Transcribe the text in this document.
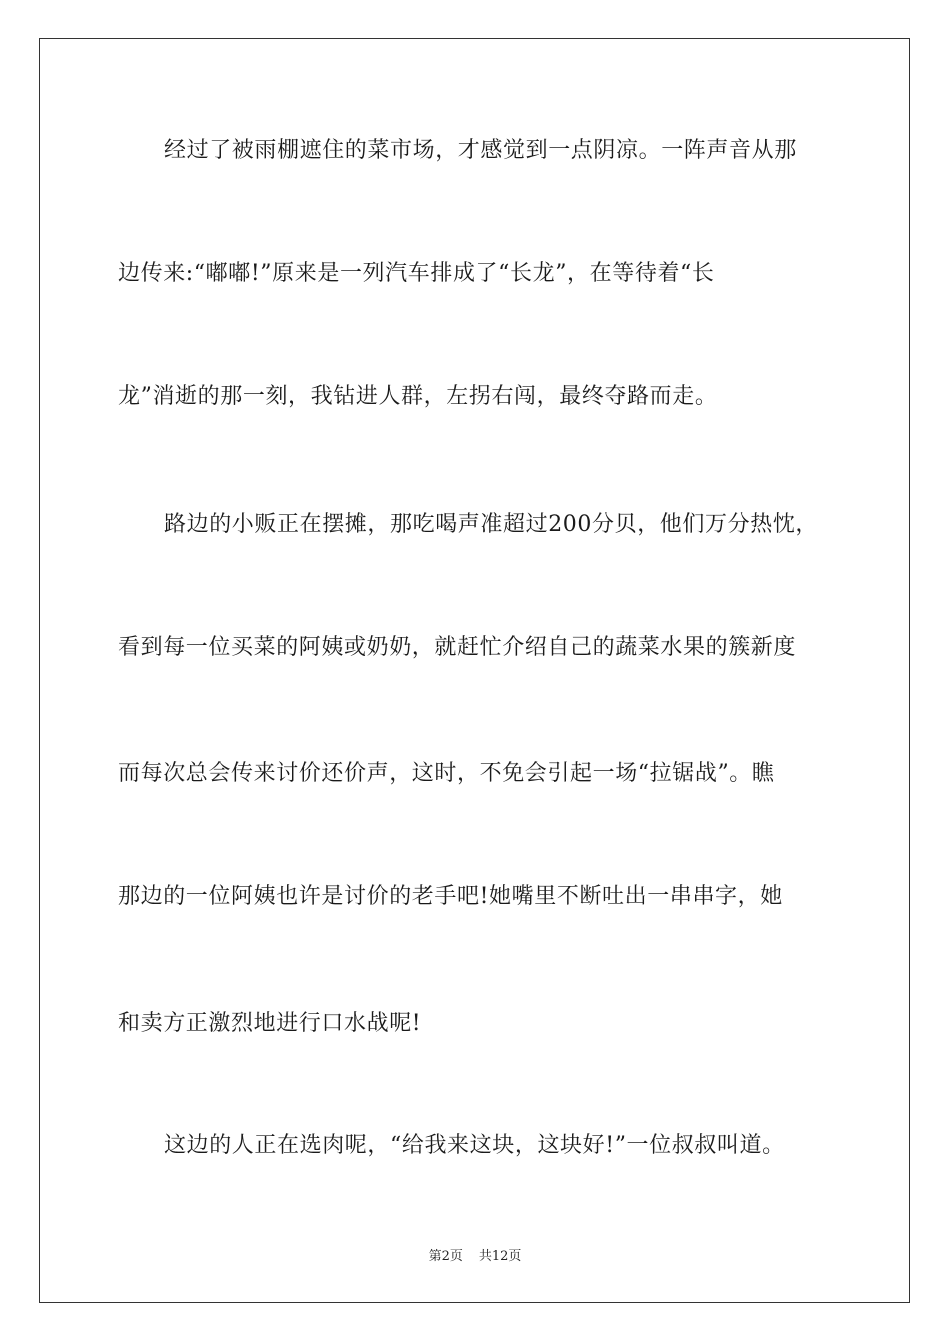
经过了被雨棚遮住的菜市场，才感觉到一点阴凉。一阵声音从那
边传来:“嘟嘟!”原来是一列汽车排成了“长龙”，在等待着“长
龙”消逝的那一刻，我钻进人群，左拐右闯，最终夺路而走。
路边的小贩正在摆摊，那吃喝声准超过200分贝，他们万分热忱，
看到每一位买菜的阿姨或奶奶，就赶忙介绍自己的蔬菜水果的簇新度
而每次总会传来讨价还价声，这时，不免会引起一场“拉锯战”。瞧
那边的一位阿姨也许是讨价的老手吧!她嘴里不断吐出一串串字，她
和卖方正激烈地进行口水战呢!
这边的人正在选肉呢，“给我来这块，这块好!”一位叔叔叫道。
第2页 共12页
